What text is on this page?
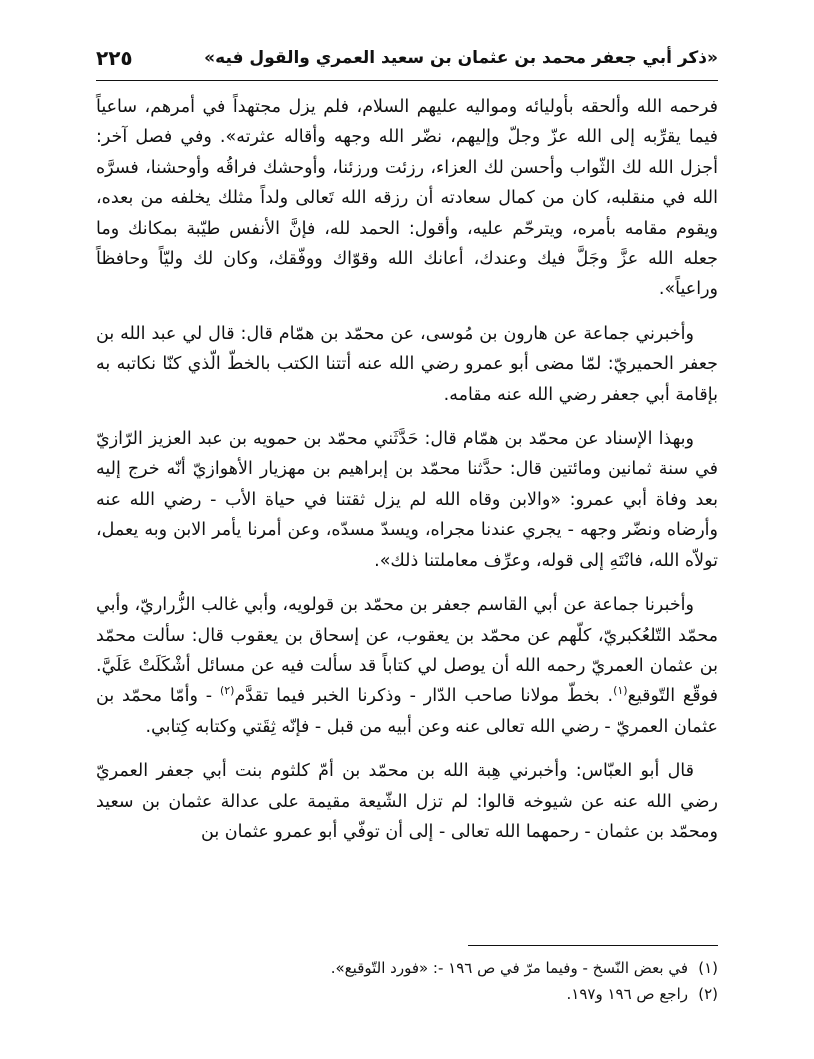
«ذكر أبي جعفر محمد بن عثمان بن سعيد العمري والقول فيه»
٢٢٥

فرحمه الله وألحقه بأوليائه ومواليه عليهم السلام، فلم يزل مجتهداً في أمرهم، ساعياً فيما يقرِّبه إلى الله عزّ وجلّ وإليهم، نضّر الله وجهه وأقاله عثرته». وفي فصل آخر: أجزل الله لك الثّواب وأحسن لك العزاء، رزئت ورزئنا، وأوحشك فراقُه وأوحشنا، فسرَّه الله في منقلبه، كان من كمال سعادته أن رزقه الله تَعالى ولداً مثلك يخلفه من بعده، ويقوم مقامه بأمره، ويترحّم عليه، وأقول: الحمد لله، فإنَّ الأنفس طيّبة بمكانك وما جعله الله عزَّ وجَلَّ فيك وعندك، أعانك الله وقوّاك ووفّقك، وكان لك وليّاً وحافظاً وراعياً».

وأخبرني جماعة عن هارون بن مُوسى، عن محمّد بن همّام قال: قال لي عبد الله بن جعفر الحميريّ: لمّا مضى أبو عمرو رضي الله عنه أتتنا الكتب بالخطّ الّذي كنّا نكاتبه به بإقامة أبي جعفر رضي الله عنه مقامه.

وبهذا الإسناد عن محمّد بن همّام قال: حَدَّثَني محمّد بن حمويه بن عبد العزيز الرّازيّ في سنة ثمانين ومائتين قال: حدَّثنا محمّد بن إبراهيم بن مهزيار الأهوازيّ أنّه خرج إليه بعد وفاة أبي عمرو: «والابن وقاه الله لم يزل ثقتنا في حياة الأب - رضي الله عنه وأرضاه ونضّر وجهه - يجري عندنا مجراه، ويسدّ مسدّه، وعن أمرنا يأمر الابن وبه يعمل، تولاّه الله، فانْتَهِ إلى قوله، وعرِّف معاملتنا ذلك».

وأخبرنا جماعة عن أبي القاسم جعفر بن محمّد بن قولويه، وأبي غالب الزُّراريّ، وأبي محمّد التّلعُكبريّ، كلّهم عن محمّد بن يعقوب، عن إسحاق بن يعقوب قال: سألت محمّد بن عثمان العمريّ رحمه الله أن يوصل لي كتاباً قد سألت فيه عن مسائل أشْكَلَتْ عَلَيَّ. فوقّع التّوقيع$^{(١)}$. بخطّ مولانا صاحب الدّار - وذكرنا الخبر فيما تقدَّم$^{(٢)}$ - وأمّا محمّد بن عثمان العمريّ - رضي الله تعالى عنه وعن أبيه من قبل - فإنّه ثِقَتي وكتابه كِتابي.

قال أبو العبّاس: وأخبرني هِبة الله بن محمّد بن أمّ كلثوم بنت أبي جعفر العمريّ رضي الله عنه عن شيوخه قالوا: لم تزل الشّيعة مقيمة على عدالة عثمان بن سعيد ومحمّد بن عثمان - رحمهما الله تعالى - إلى أن توفّي أبو عمرو عثمان بن

(١)في بعض النّسخ - وفيما مرّ في ص ١٩٦ -: «فورد التّوقيع».

(٢)راجع ص ١٩٦ و١٩٧.
